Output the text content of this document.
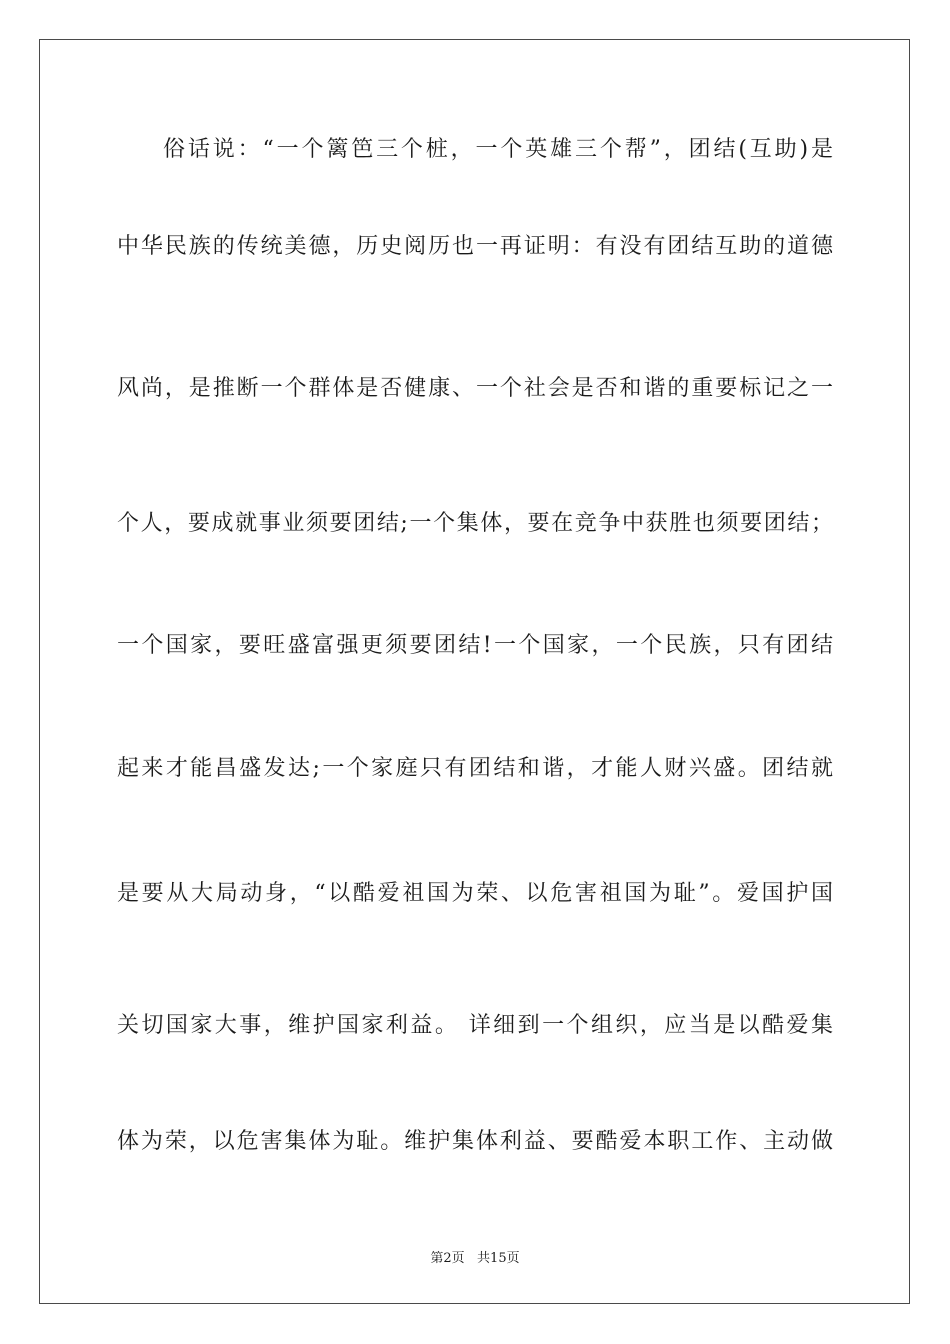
俗话说：“一个篱笆三个桩，一个英雄三个帮”，团结(互助)是
中华民族的传统美德，历史阅历也一再证明：有没有团结互助的道德
风尚，是推断一个群体是否健康、一个社会是否和谐的重要标记之一
个人，要成就事业须要团结;一个集体，要在竞争中获胜也须要团结；
一个国家，要旺盛富强更须要团结!一个国家，一个民族，只有团结
起来才能昌盛发达;一个家庭只有团结和谐，才能人财兴盛。团结就
是要从大局动身，“以酷爱祖国为荣、以危害祖国为耻”。爱国护国
关切国家大事，维护国家利益。 详细到一个组织，应当是以酷爱集
体为荣，以危害集体为耻。维护集体利益、要酷爱本职工作、主动做
第2页   共15页
